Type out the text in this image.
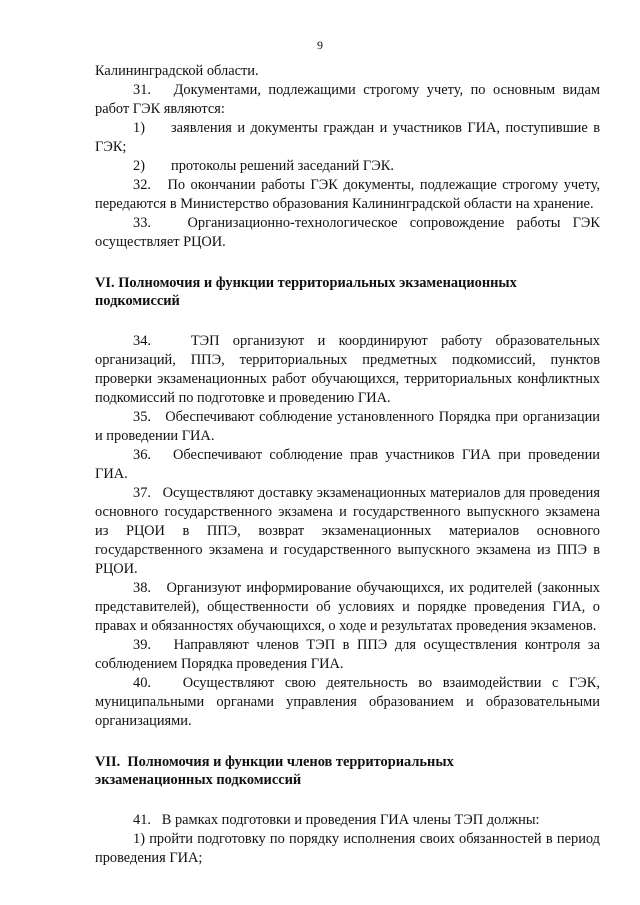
9

Калининградской области.

31.   Документами, подлежащими строгому учету, по основным видам работ ГЭК являются:

1) заявления и документы граждан и участников ГИА, поступившие в ГЭК;

2) протоколы решений заседаний ГЭК.

32.   По окончании работы ГЭК документы, подлежащие строгому учету, передаются в Министерство образования Калининградской области на хранение.

33.   Организационно-технологическое сопровождение работы ГЭК осуществляет РЦОИ.

VI. Полномочия и функции территориальных экзаменационных
подкомиссий

34.   ТЭП организуют и координируют работу образовательных организаций, ППЭ, территориальных предметных подкомиссий, пунктов проверки экзаменационных работ обучающихся, территориальных конфликтных подкомиссий по подготовке и проведению ГИА.

35.   Обеспечивают соблюдение установленного Порядка при организации и проведении ГИА.

36.   Обеспечивают соблюдение прав участников ГИА при проведении ГИА.

37.   Осуществляют доставку экзаменационных материалов для проведения основного государственного экзамена и государственного выпускного экзамена из РЦОИ в ППЭ, возврат экзаменационных материалов основного государственного экзамена и государственного выпускного экзамена из ППЭ в РЦОИ.

38.   Организуют информирование обучающихся, их родителей (законных представителей), общественности об условиях и порядке проведения ГИА, о правах и обязанностях обучающихся, о ходе и результатах проведения экзаменов.

39.   Направляют членов ТЭП в ППЭ для осуществления контроля за соблюдением Порядка проведения ГИА.

40.   Осуществляют свою деятельность во взаимодействии с ГЭК, муниципальными органами управления образованием и образовательными организациями.

VII.  Полномочия и функции членов территориальных
экзаменационных подкомиссий

41.   В рамках подготовки и проведения ГИА члены ТЭП должны:

1) пройти подготовку по порядку исполнения своих обязанностей в период проведения ГИА;
